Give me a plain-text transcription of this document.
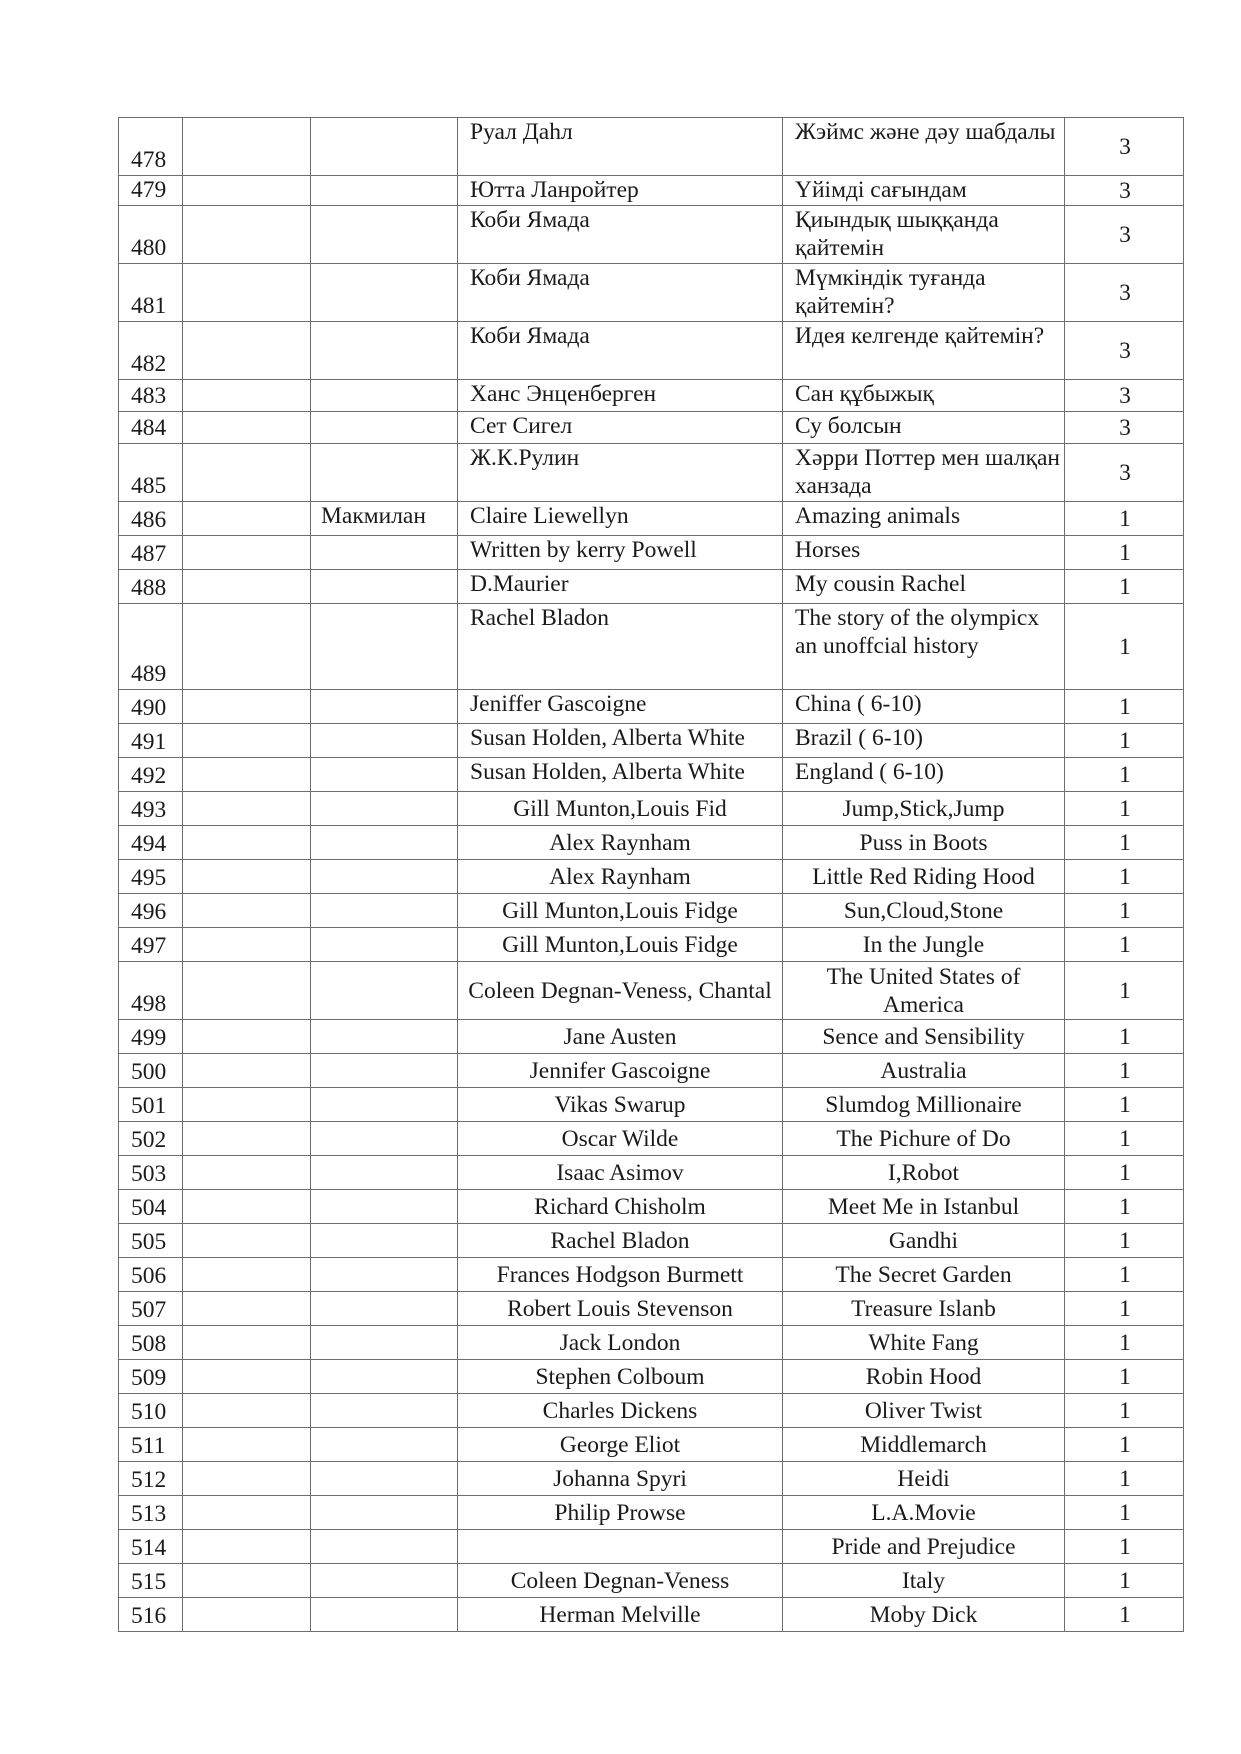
478			Руал Даһл	Жэймс және дәу шабдалы	3
479			Ютта Ланройтер	Үйімді сағындам	3
480			Коби Ямада	Қиындық шыққанда қайтемін	3
481			Коби Ямада	Мүмкіндік туғанда қайтемін?	3
482			Коби Ямада	Идея келгенде қайтемін?	3
483			Ханс Энценберген	Сан құбыжық	3
484			Сет Сигел	Су болсын	3
485			Ж.К.Рулин	Хәрри Поттер мен шалқан ханзада	3
486		Макмилан	Claire Liewellyn	Amazing animals	1
487			Written by kerry Powell	Horses	1
488			D.Maurier	My cousin Rachel	1
489			Rachel Bladon	The story of the olympicx an unoffcial history	1
490			Jeniffer Gascoigne	China ( 6-10)	1
491			Susan Holden, Alberta White	Brazil ( 6-10)	1
492			Susan Holden, Alberta White	England ( 6-10)	1
493			Gill Munton,Louis Fid	Jump,Stick,Jump	1
494			Alex Raynham	Puss in Boots	1
495			Alex Raynham	Little Red Riding Hood	1
496			Gill Munton,Louis Fidge	Sun,Cloud,Stone	1
497			Gill Munton,Louis Fidge	In the Jungle	1
498			Coleen Degnan-Veness, Chantal	The United States of America	1
499			Jane Austen	Sence and Sensibility	1
500			Jennifer Gascoigne	Australia	1
501			Vikas Swarup	Slumdog Millionaire	1
502			Oscar Wilde	The Pichure of Do	1
503			Isaac Asimov	I,Robot	1
504			Richard Chisholm	Meet Me in Istanbul	1
505			Rachel Bladon	Gandhi	1
506			Frances Hodgson Burmett	The Secret Garden	1
507			Robert Louis Stevenson	Treasure Islanb	1
508			Jack London	White Fang	1
509			Stephen Colboum	Robin Hood	1
510			Charles Dickens	Oliver Twist	1
511			George Eliot	Middlemarch	1
512			Johanna Spyri	Heidi	1
513			Philip Prowse	L.A.Movie	1
514				Pride and Prejudice	1
515			Coleen Degnan-Veness	Italy	1
516			Herman Melville	Moby Dick	1
